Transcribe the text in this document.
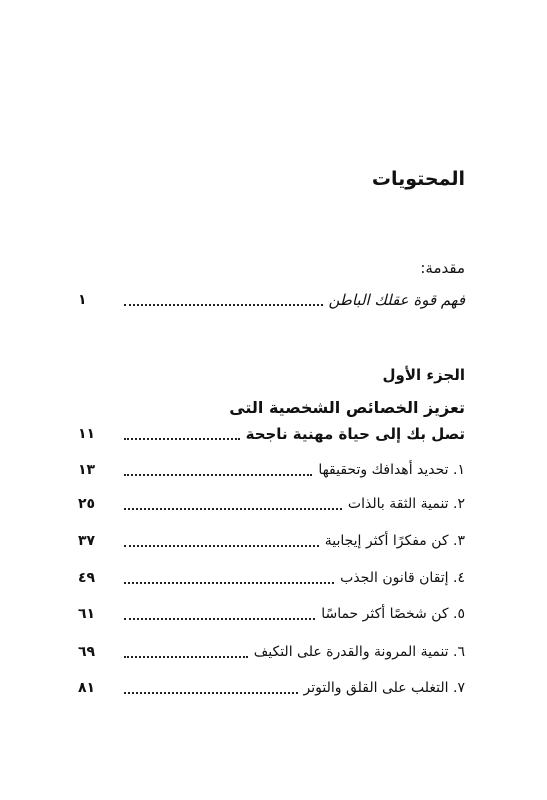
المحتويات
مقدمة:
فهم قوة عقلك الباطن
١
الجزء الأول
تعزيز الخصائص الشخصية التى
تصل بك إلى حياة مهنية ناجحة
١١
١. تحديد أهدافك وتحقيقها
١٣
٢. تنمية الثقة بالذات
٢٥
٣. كن مفكرًا أكثر إيجابية
٣٧
٤. إتقان قانون الجذب
٤٩
٥. كن شخصًا أكثر حماسًا
٦١
٦. تنمية المرونة والقدرة على التكيف
٦٩
٧. التغلب على القلق والتوتر
٨١
